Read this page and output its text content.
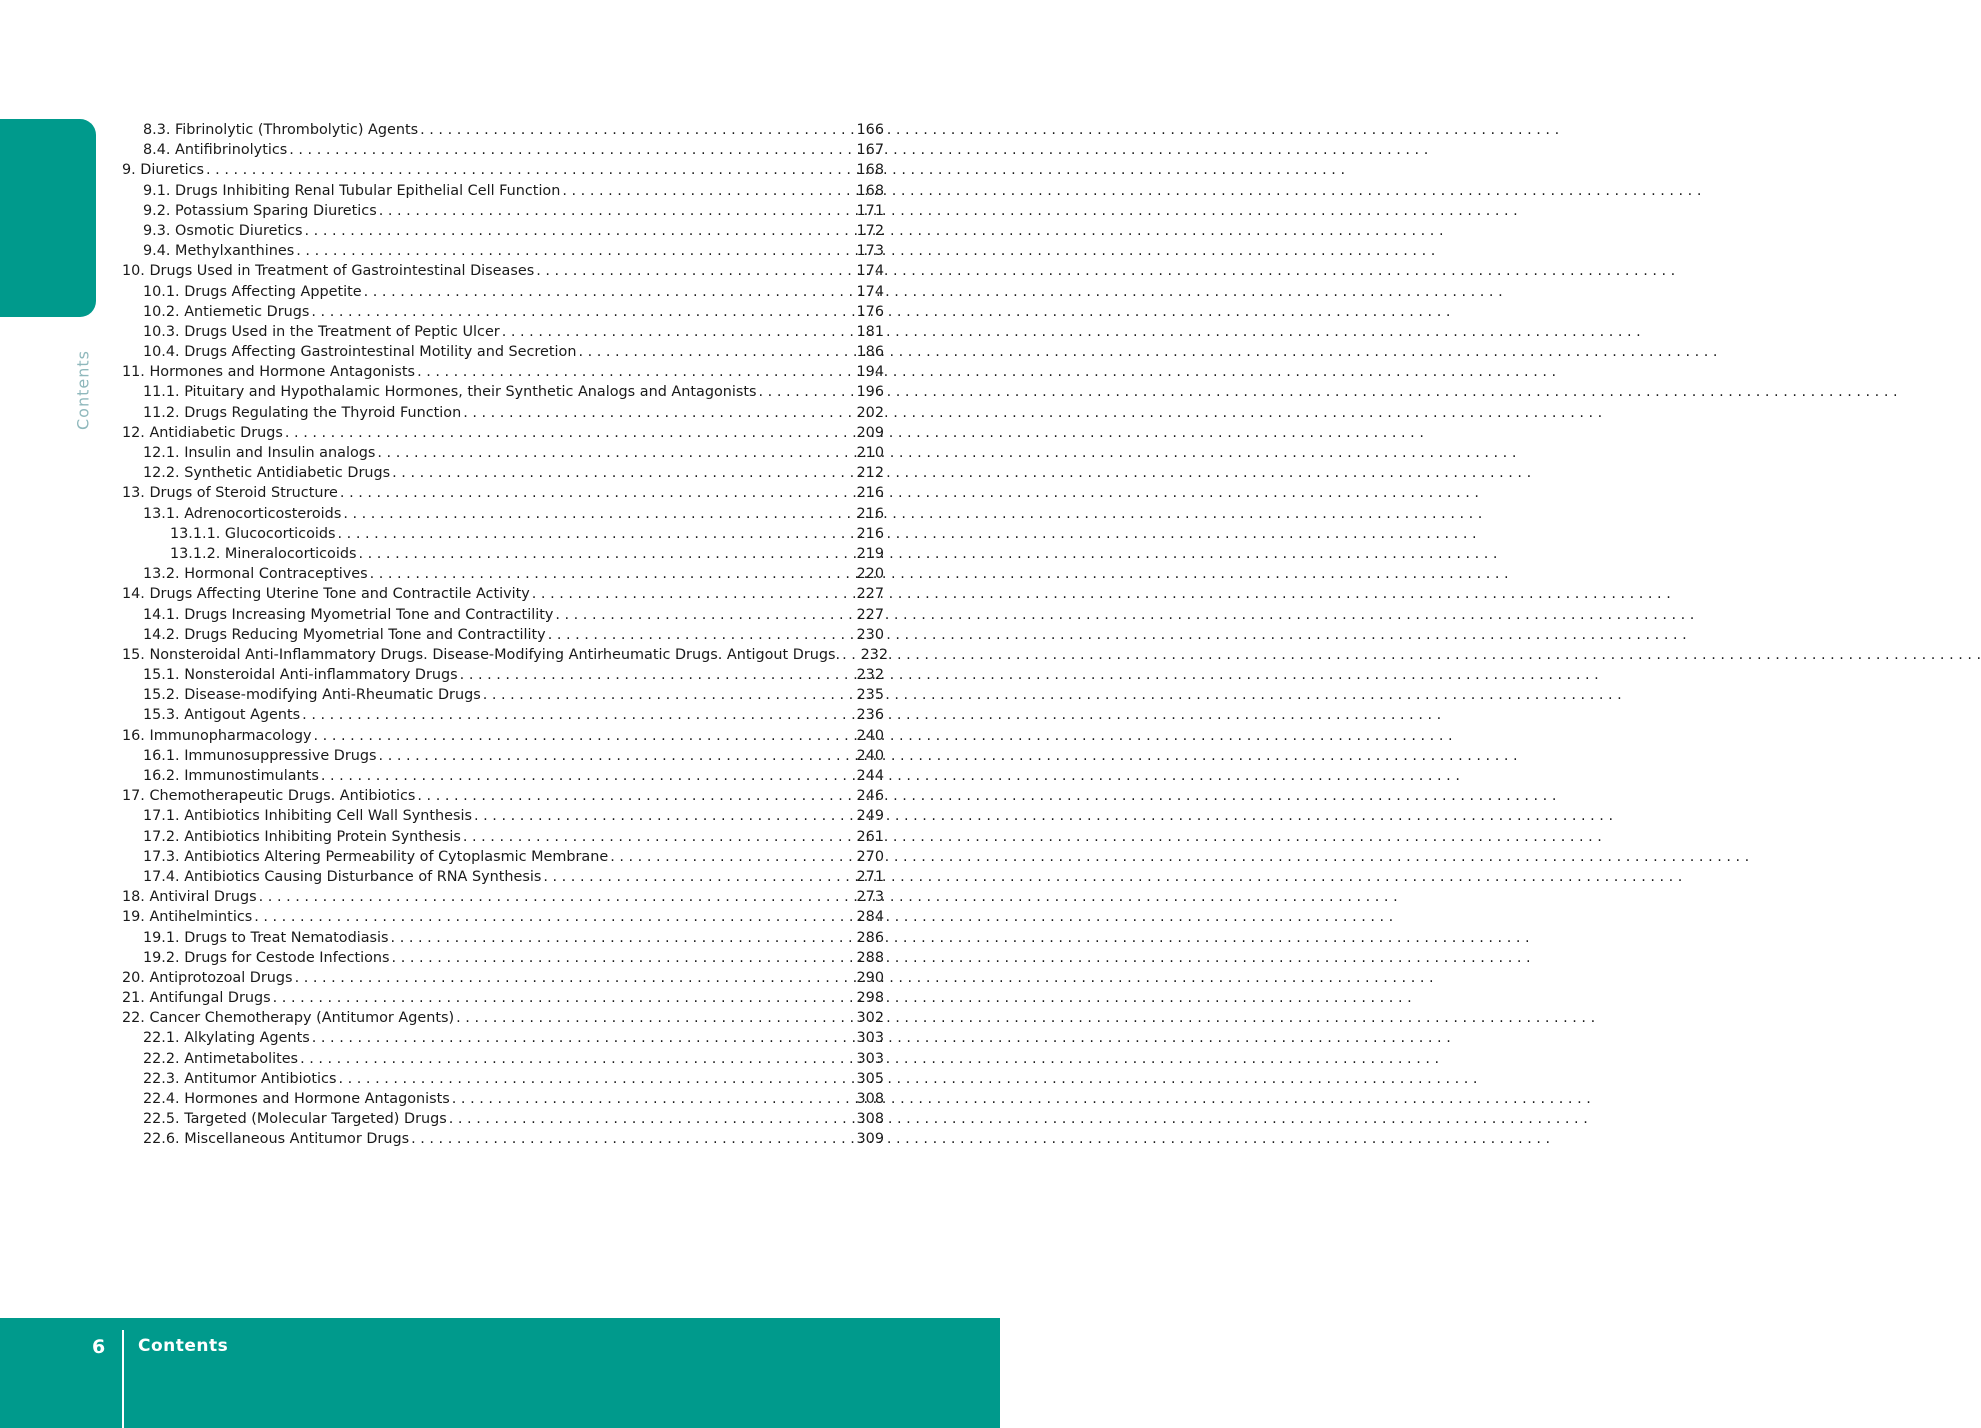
Contents
8.3. Fibrinolytic (Thrombolytic) Agents . . .	166
8.4. Antifibrinolytics . . .	167
9. Diuretics . . .	168
9.1. Drugs Inhibiting Renal Tubular Epithelial Cell Function . . .	168
9.2. Potassium Sparing Diuretics . . .	171
9.3. Osmotic Diuretics . . .	172
9.4. Methylxanthines . . .	173
10. Drugs Used in Treatment of Gastrointestinal Diseases . . .	174
10.1. Drugs Affecting Appetite . . .	174
10.2. Antiemetic Drugs . . .	176
10.3. Drugs Used in the Treatment of Peptic Ulcer . . .	181
10.4. Drugs Affecting Gastrointestinal Motility and Secretion . . .	186
11. Hormones and Hormone Antagonists . . .	194
11.1. Pituitary and Hypothalamic Hormones, their Synthetic Analogs and Antagonists . . .	196
11.2. Drugs Regulating the Thyroid Function . . .	202
12. Antidiabetic Drugs . . .	209
12.1. Insulin and Insulin analogs . . .	210
12.2. Synthetic Antidiabetic Drugs . . .	212
13. Drugs of Steroid Structure . . .	216
13.1. Adrenocorticosteroids . . .	216
13.1.1. Glucocorticoids . . .	216
13.1.2. Mineralocorticoids . . .	219
13.2. Hormonal Contraceptives . . .	220
14. Drugs Affecting Uterine Tone and Contractile Activity . . .	227
14.1. Drugs Increasing Myometrial Tone and Contractility . . .	227
14.2. Drugs Reducing Myometrial Tone and Contractility . . .	230
15. Nonsteroidal Anti-Inflammatory Drugs. Disease-Modifying Antirheumatic Drugs. Antigout Drugs. . . . 232
15.1. Nonsteroidal Anti-inflammatory Drugs . . .	232
15.2. Disease-modifying Anti-Rheumatic Drugs . . .	235
15.3. Antigout Agents . . .	236
16. Immunopharmacology . . .	240
16.1. Immunosuppressive Drugs . . .	240
16.2. Immunostimulants . . .	244
17. Chemotherapeutic Drugs. Antibiotics . . .	246
17.1. Antibiotics Inhibiting Cell Wall Synthesis . . .	249
17.2. Antibiotics Inhibiting Protein Synthesis . . .	261
17.3. Antibiotics Altering Permeability of Cytoplasmic Membrane . . .	270
17.4. Antibiotics Causing Disturbance of RNA Synthesis . . .	271
18. Antiviral Drugs . . .	273
19. Antihelmintics . . .	284
19.1. Drugs to Treat Nematodiasis . . .	286
19.2. Drugs for Cestode Infections . . .	288
20. Antiprotozoal Drugs . . .	290
21. Antifungal Drugs . . .	298
22. Cancer Chemotherapy (Antitumor Agents) . . .	302
22.1. Alkylating Agents . . .	303
22.2. Antimetabolites . . .	303
22.3. Antitumor Antibiotics . . .	305
22.4. Hormones and Hormone Antagonists . . .	308
22.5. Targeted (Molecular Targeted) Drugs . . .	308
22.6. Miscellaneous Antitumor Drugs . . .	309
6 Contents
